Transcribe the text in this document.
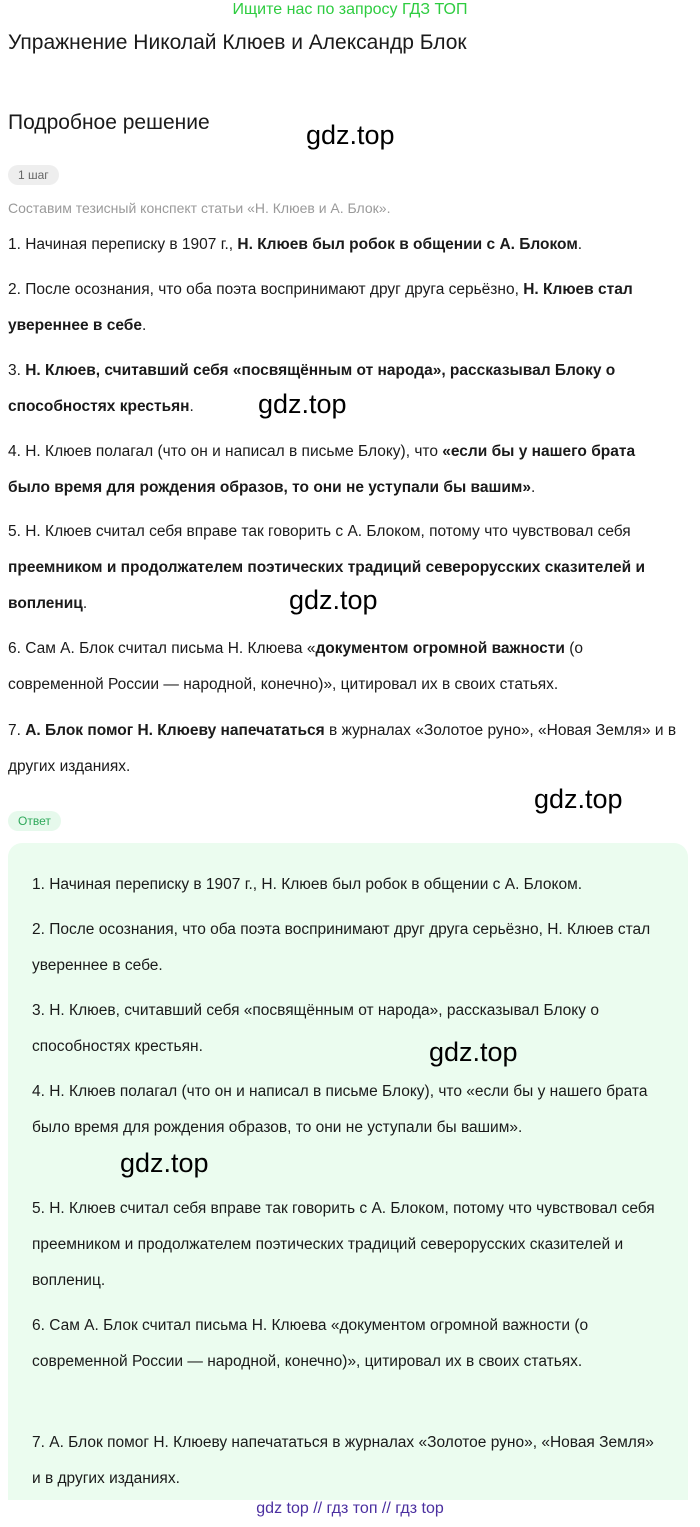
Ищите нас по запросу ГДЗ ТОП
Упражнение Николай Клюев и Александр Блок
Подробное решение
1 шаг
Составим тезисный конспект статьи «Н. Клюев и А. Блок».
1. Начиная переписку в 1907 г., Н. Клюев был робок в общении с А. Блоком.
2. После осознания, что оба поэта воспринимают друг друга серьёзно, Н. Клюев стал увереннее в себе.
3. Н. Клюев, считавший себя «посвящённым от народа», рассказывал Блоку о способностях крестьян.
4. Н. Клюев полагал (что он и написал в письме Блоку), что «если бы у нашего брата было время для рождения образов, то они не уступали бы вашим».
5. Н. Клюев считал себя вправе так говорить с А. Блоком, потому что чувствовал себя преемником и продолжателем поэтических традиций северорусских сказителей и воплениц.
6. Сам А. Блок считал письма Н. Клюева «документом огромной важности (о современной России — народной, конечно)», цитировал их в своих статьях.
7. А. Блок помог Н. Клюеву напечататься в журналах «Золотое руно», «Новая Земля» и в других изданиях.
Ответ
1. Начиная переписку в 1907 г., Н. Клюев был робок в общении с А. Блоком.
2. После осознания, что оба поэта воспринимают друг друга серьёзно, Н. Клюев стал увереннее в себе.
3. Н. Клюев, считавший себя «посвящённым от народа», рассказывал Блоку о способностях крестьян.
4. Н. Клюев полагал (что он и написал в письме Блоку), что «если бы у нашего брата было время для рождения образов, то они не уступали бы вашим».
5. Н. Клюев считал себя вправе так говорить с А. Блоком, потому что чувствовал себя преемником и продолжателем поэтических традиций северорусских сказителей и воплениц.
6. Сам А. Блок считал письма Н. Клюева «документом огромной важности (о современной России — народной, конечно)», цитировал их в своих статьях.
7. А. Блок помог Н. Клюеву напечататься в журналах «Золотое руно», «Новая Земля» и в других изданиях.
gdz.top
gdz.top
gdz.top
gdz.top
gdz.top
gdz.top
gdz top // гдз топ // гдз top
